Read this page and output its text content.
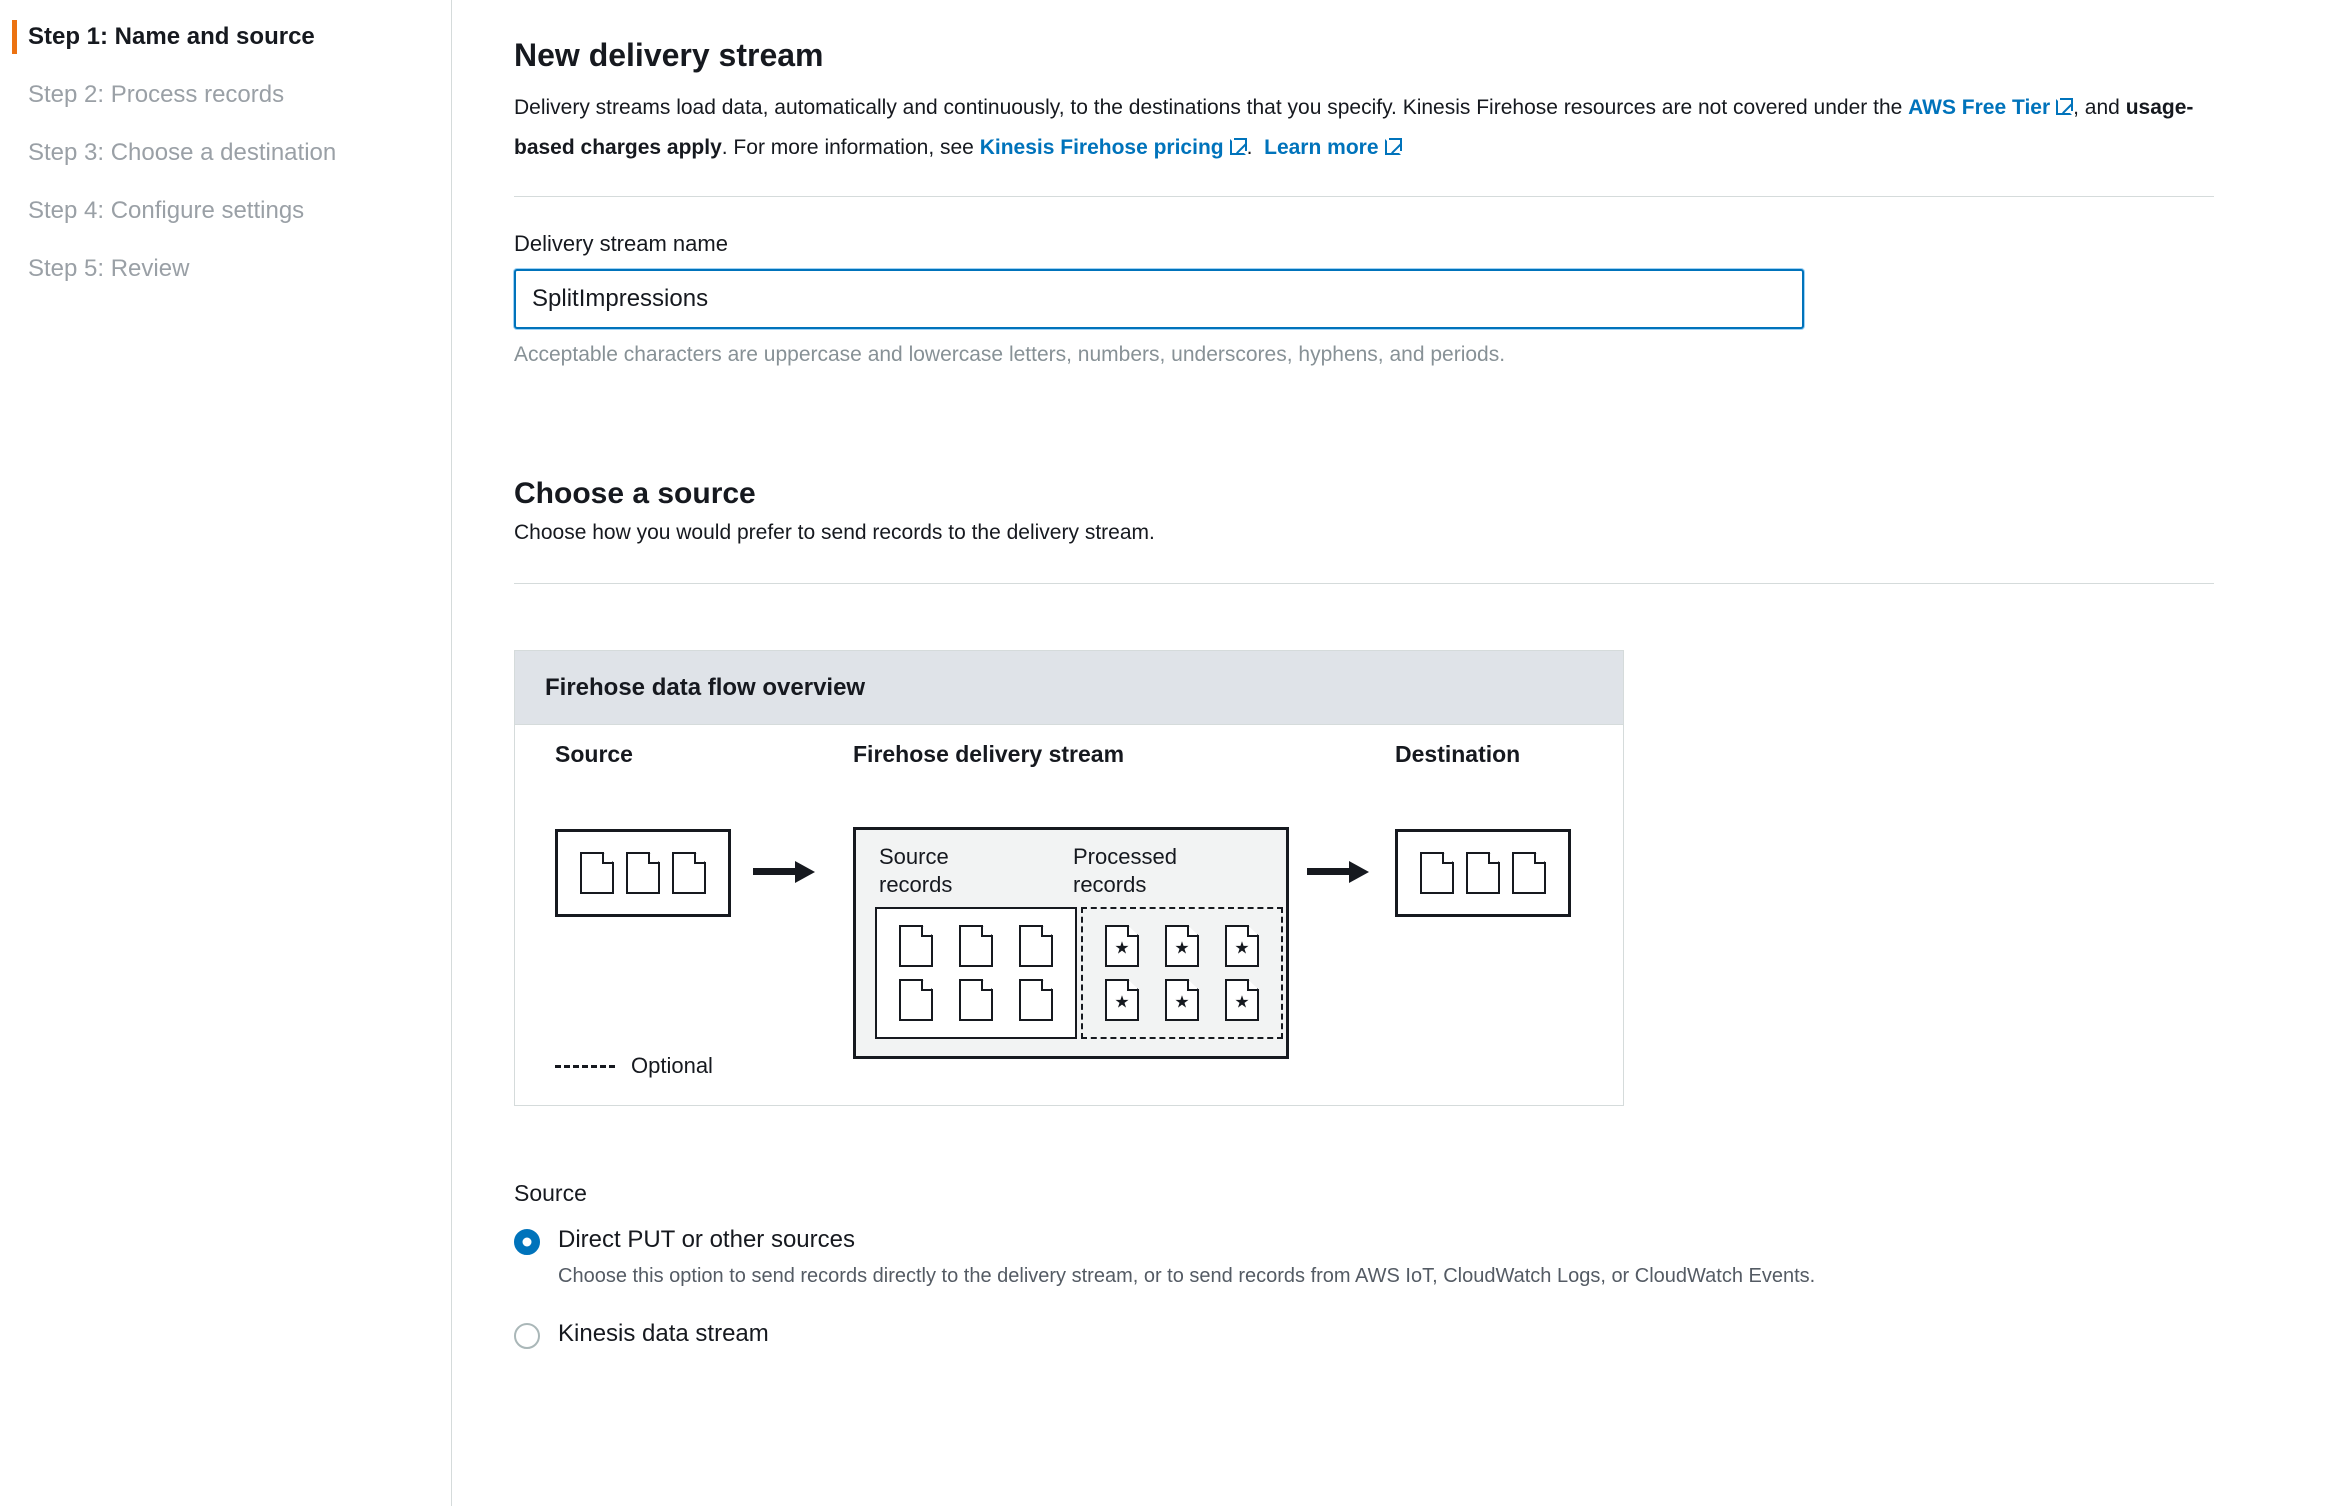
Step 1: Name and source
Step 2: Process records
Step 3: Choose a destination
Step 4: Configure settings
Step 5: Review
New delivery stream

Delivery streams load data, automatically and continuously, to the destinations that you specify. Kinesis Firehose resources are not covered under the AWS Free Tier , and usage-based charges apply. For more information, see Kinesis Firehose pricing . Learn more

Delivery stream name
SplitImpressions
Acceptable characters are uppercase and lowercase letters, numbers, underscores, hyphens, and periods.
Choose a source

Choose how you would prefer to send records to the delivery stream.

Firehose data flow overview
Source	Firehose delivery stream	Destination
Source
records
Processed
records
★	★	★
★	★	★
Optional
Source
Direct PUT or other sources
Choose this option to send records directly to the delivery stream, or to send records from AWS IoT, CloudWatch Logs, or CloudWatch Events.
Kinesis data stream
